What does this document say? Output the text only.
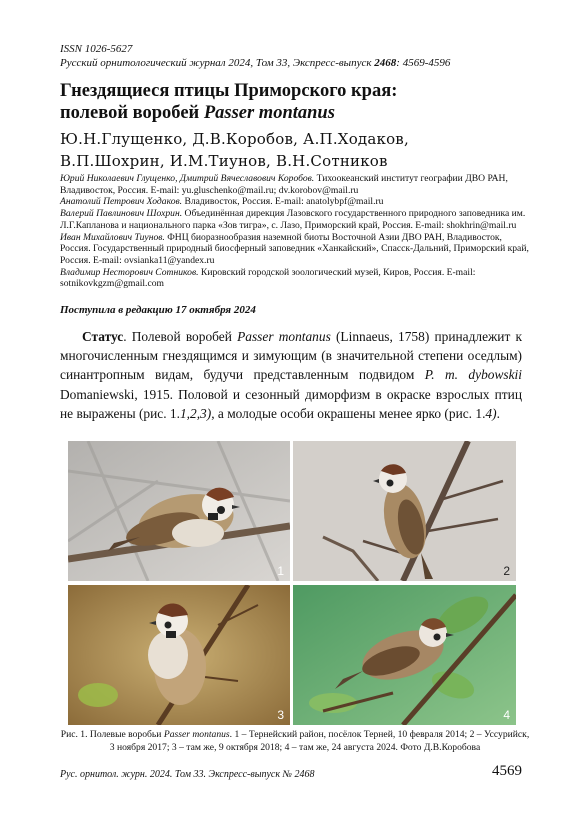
ISSN 1026-5627
Русский орнитологический журнал 2024, Том 33, Экспресс-выпуск 2468: 4569-4596
Гнездящиеся птицы Приморского края:
полевой воробей Passer montanus
Ю.Н.Глущенко, Д.В.Коробов, А.П.Ходаков,
В.П.Шохрин, И.М.Тиунов, В.Н.Сотников

Юрий Николаевич Глущенко, Дмитрий Вячеславович Коробов. Тихоокеанский институт географии ДВО РАН, Владивосток, Россия. E-mail: yu.gluschenko@mail.ru; dv.korobov@mail.ru

Анатолий Петрович Ходаков. Владивосток, Россия. E-mail: anatolybpf@mail.ru

Валерий Павлинович Шохрин. Объединённая дирекция Лазовского государственного природного заповедника им. Л.Г.Капланова и национального парка «Зов тигра», с. Лазо, Приморский край, Россия. E-mail: shokhrin@mail.ru

Иван Михайлович Тиунов. ФНЦ биоразнообразия наземной биоты Восточной Азии ДВО РАН, Владивосток, Россия. Государственный природный биосферный заповедник «Ханкайский», Спасск-Дальний, Приморский край, Россия. E-mail: ovsianka11@yandex.ru

Владимир Несторович Сотников. Кировский городской зоологический музей, Киров, Россия. E-mail: sotnikovkgzm@gmail.com

Поступила в редакцию 17 октября 2024
Статус. Полевой воробей Passer montanus (Linnaeus, 1758) принадлежит к многочисленным гнездящимся и зимующим (в значительной степени оседлым) синантропным видам, будучи представленным подвидом P. m. dybowskii Domaniewski, 1915. Половой и сезонный диморфизм в окраске взрослых птиц не выражены (рис. 1.1,2,3), а молодые особи окрашены менее ярко (рис. 1.4).
1	2
3	4
Рис. 1. Полевые воробьи Passer montanus. 1 – Тернейский район, посёлок Терней, 10 февраля 2014; 2 – Уссурийск, 3 ноября 2017; 3 – там же, 9 октября 2018; 4 – там же, 24 августа 2024. Фото Д.В.Коробова
Рус. орнитол. журн. 2024. Том 33. Экспресс-выпуск № 2468	4569
